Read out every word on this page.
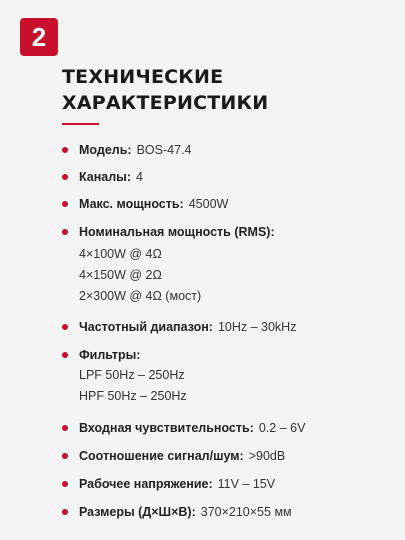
2
ТЕХНИЧЕСКИЕ
ХАРАКТЕРИСТИКИ
Модель: BOS-47.4
Каналы: 4
Макс. мощность: 4500W
Номинальная мощность (RMS):
4×100W @ 4Ω
4×150W @ 2Ω
2×300W @ 4Ω (мост)
Частотный диапазон: 10Hz – 30kHz
Фильтры:
LPF 50Hz – 250Hz
HPF 50Hz – 250Hz
Входная чувствительность: 0.2 – 6V
Соотношение сигнал/шум: >90dB
Рабочее напряжение: 11V – 15V
Размеры (Д×Ш×В): 370×210×55 мм
